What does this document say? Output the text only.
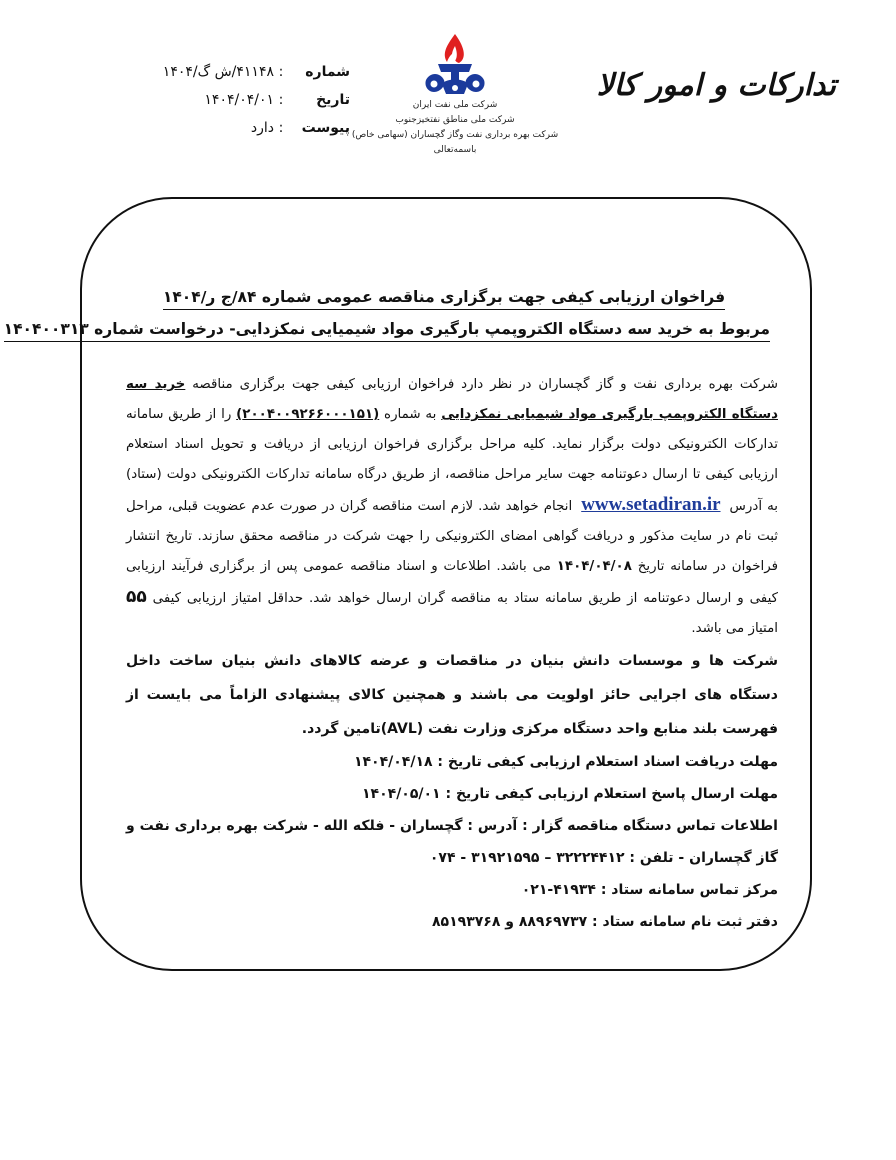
تدارکات و امور کالا
شرکت ملی نفت ایران
شرکت ملی مناطق نفتخیزجنوب
شرکت بهره برداری نفت وگاز گچساران (سهامی خاص)
باسمه‌تعالی
شماره:۴۱۱۴۸/ش گ/۱۴۰۴
تاریخ:۱۴۰۴/۰۴/۰۱
پیوست:دارد
فراخوان ارزیابی کیفی جهت برگزاری مناقصه عمومی شماره ۸۴/ج ر/۱۴۰۴
مربوط به خرید سه دستگاه الکتروپمپ بارگیری مواد شیمیایی نمکزدایی- درخواست شماره ۱۴۰۴۰۰۳۱۳

شرکت بهره برداری نفت و گاز گچساران در نظر دارد فراخوان ارزیابی کیفی جهت برگزاری مناقصه خرید سه دستگاه الکتروپمپ بارگیری مواد شیمیایی نمکزدایی به شماره (۲۰۰۴۰۰۹۲۶۶۰۰۰۱۵۱) را از طریق سامانه تدارکات الکترونیکی دولت برگزار نماید. کلیه مراحل برگزاری فراخوان ارزیابی از دریافت و تحویل اسناد استعلام ارزیابی کیفی تا ارسال دعوتنامه جهت سایر مراحل مناقصه، از طریق درگاه سامانه تدارکات الکترونیکی دولت (ستاد) به آدرس www.setadiran.ir انجام خواهد شد. لازم است مناقصه گران در صورت عدم عضویت قبلی، مراحل ثبت نام در سایت مذکور و دریافت گواهی امضای الکترونیکی را جهت شرکت در مناقصه محقق سازند. تاریخ انتشار فراخوان در سامانه تاریخ ۱۴۰۴/۰۴/۰۸ می باشد. اطلاعات و اسناد مناقصه عمومی پس از برگزاری فرآیند ارزیابی کیفی و ارسال دعوتنامه از طریق سامانه ستاد به مناقصه گران ارسال خواهد شد. حداقل امتیاز ارزیابی کیفی ۵۵ امتیاز می باشد.

شرکت ها و موسسات دانش بنیان در مناقصات و عرضه کالاهای دانش بنیان ساخت داخل دستگاه های اجرایی حائز اولویت می باشند و همچنین کالای پیشنهادی الزاماً می بایست از فهرست بلند منابع واحد دستگاه مرکزی وزارت نفت (AVL)تامین گردد.

مهلت دریافت اسناد استعلام ارزیابی کیفی تاریخ : ۱۴۰۴/۰۴/۱۸
مهلت ارسال پاسخ استعلام ارزیابی کیفی تاریخ : ۱۴۰۴/۰۵/۰۱
اطلاعات تماس دستگاه مناقصه گزار : آدرس : گچساران - فلکه الله - شرکت بهره برداری نفت و گاز گچساران - تلفن : ۳۲۲۲۴۴۱۲ – ۳۱۹۲۱۵۹۵ - ۰۷۴
مرکز تماس سامانه ستاد : ۴۱۹۳۴-۰۲۱
دفتر ثبت نام سامانه ستاد : ۸۸۹۶۹۷۳۷ و ۸۵۱۹۳۷۶۸
